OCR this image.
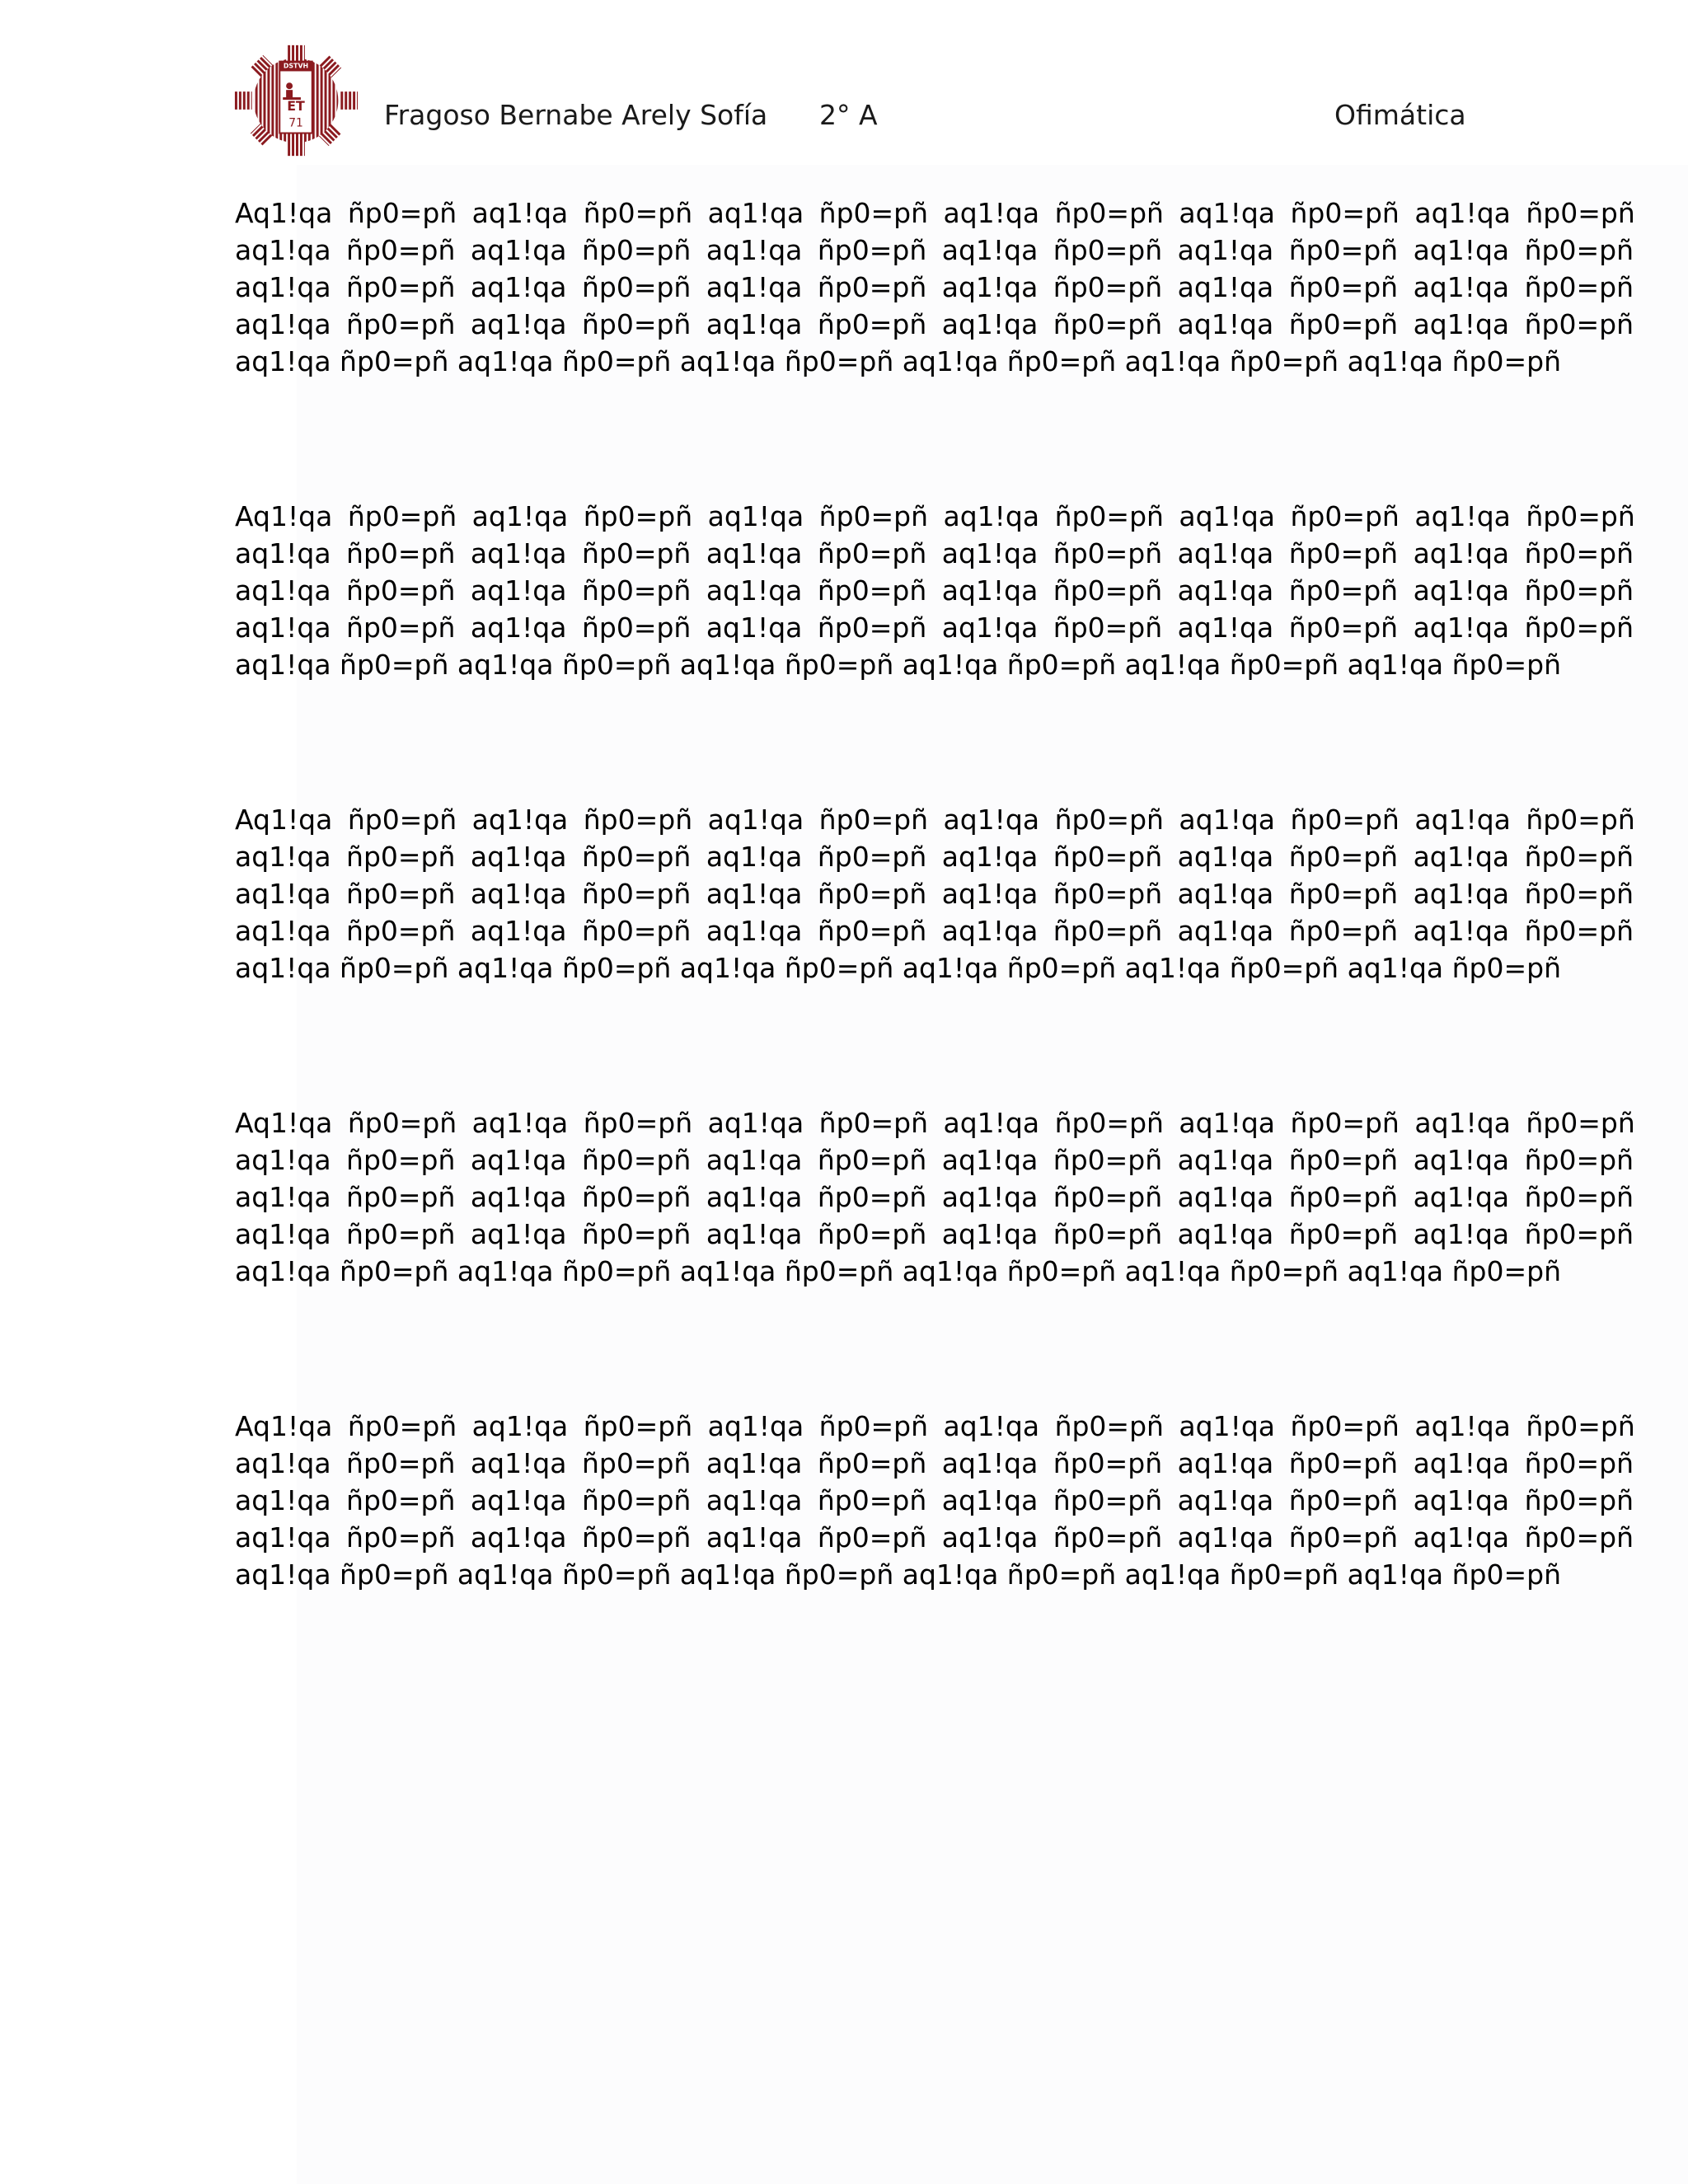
DSTVH
ET
71	Fragoso Bernabe Arely Sofía 2° A	Ofimática

Aq1!qa ñp0=pñ aq1!qa ñp0=pñ aq1!qa ñp0=pñ aq1!qa ñp0=pñ aq1!qa ñp0=pñ aq1!qa ñp0=pñ
aq1!qa ñp0=pñ aq1!qa ñp0=pñ aq1!qa ñp0=pñ aq1!qa ñp0=pñ aq1!qa ñp0=pñ aq1!qa ñp0=pñ
aq1!qa ñp0=pñ aq1!qa ñp0=pñ aq1!qa ñp0=pñ aq1!qa ñp0=pñ aq1!qa ñp0=pñ aq1!qa ñp0=pñ
aq1!qa ñp0=pñ aq1!qa ñp0=pñ aq1!qa ñp0=pñ aq1!qa ñp0=pñ aq1!qa ñp0=pñ aq1!qa ñp0=pñ
aq1!qa ñp0=pñ aq1!qa ñp0=pñ aq1!qa ñp0=pñ aq1!qa ñp0=pñ aq1!qa ñp0=pñ aq1!qa ñp0=pñ

Aq1!qa ñp0=pñ aq1!qa ñp0=pñ aq1!qa ñp0=pñ aq1!qa ñp0=pñ aq1!qa ñp0=pñ aq1!qa ñp0=pñ
aq1!qa ñp0=pñ aq1!qa ñp0=pñ aq1!qa ñp0=pñ aq1!qa ñp0=pñ aq1!qa ñp0=pñ aq1!qa ñp0=pñ
aq1!qa ñp0=pñ aq1!qa ñp0=pñ aq1!qa ñp0=pñ aq1!qa ñp0=pñ aq1!qa ñp0=pñ aq1!qa ñp0=pñ
aq1!qa ñp0=pñ aq1!qa ñp0=pñ aq1!qa ñp0=pñ aq1!qa ñp0=pñ aq1!qa ñp0=pñ aq1!qa ñp0=pñ
aq1!qa ñp0=pñ aq1!qa ñp0=pñ aq1!qa ñp0=pñ aq1!qa ñp0=pñ aq1!qa ñp0=pñ aq1!qa ñp0=pñ

Aq1!qa ñp0=pñ aq1!qa ñp0=pñ aq1!qa ñp0=pñ aq1!qa ñp0=pñ aq1!qa ñp0=pñ aq1!qa ñp0=pñ
aq1!qa ñp0=pñ aq1!qa ñp0=pñ aq1!qa ñp0=pñ aq1!qa ñp0=pñ aq1!qa ñp0=pñ aq1!qa ñp0=pñ
aq1!qa ñp0=pñ aq1!qa ñp0=pñ aq1!qa ñp0=pñ aq1!qa ñp0=pñ aq1!qa ñp0=pñ aq1!qa ñp0=pñ
aq1!qa ñp0=pñ aq1!qa ñp0=pñ aq1!qa ñp0=pñ aq1!qa ñp0=pñ aq1!qa ñp0=pñ aq1!qa ñp0=pñ
aq1!qa ñp0=pñ aq1!qa ñp0=pñ aq1!qa ñp0=pñ aq1!qa ñp0=pñ aq1!qa ñp0=pñ aq1!qa ñp0=pñ

Aq1!qa ñp0=pñ aq1!qa ñp0=pñ aq1!qa ñp0=pñ aq1!qa ñp0=pñ aq1!qa ñp0=pñ aq1!qa ñp0=pñ
aq1!qa ñp0=pñ aq1!qa ñp0=pñ aq1!qa ñp0=pñ aq1!qa ñp0=pñ aq1!qa ñp0=pñ aq1!qa ñp0=pñ
aq1!qa ñp0=pñ aq1!qa ñp0=pñ aq1!qa ñp0=pñ aq1!qa ñp0=pñ aq1!qa ñp0=pñ aq1!qa ñp0=pñ
aq1!qa ñp0=pñ aq1!qa ñp0=pñ aq1!qa ñp0=pñ aq1!qa ñp0=pñ aq1!qa ñp0=pñ aq1!qa ñp0=pñ
aq1!qa ñp0=pñ aq1!qa ñp0=pñ aq1!qa ñp0=pñ aq1!qa ñp0=pñ aq1!qa ñp0=pñ aq1!qa ñp0=pñ

Aq1!qa ñp0=pñ aq1!qa ñp0=pñ aq1!qa ñp0=pñ aq1!qa ñp0=pñ aq1!qa ñp0=pñ aq1!qa ñp0=pñ
aq1!qa ñp0=pñ aq1!qa ñp0=pñ aq1!qa ñp0=pñ aq1!qa ñp0=pñ aq1!qa ñp0=pñ aq1!qa ñp0=pñ
aq1!qa ñp0=pñ aq1!qa ñp0=pñ aq1!qa ñp0=pñ aq1!qa ñp0=pñ aq1!qa ñp0=pñ aq1!qa ñp0=pñ
aq1!qa ñp0=pñ aq1!qa ñp0=pñ aq1!qa ñp0=pñ aq1!qa ñp0=pñ aq1!qa ñp0=pñ aq1!qa ñp0=pñ
aq1!qa ñp0=pñ aq1!qa ñp0=pñ aq1!qa ñp0=pñ aq1!qa ñp0=pñ aq1!qa ñp0=pñ aq1!qa ñp0=pñ
